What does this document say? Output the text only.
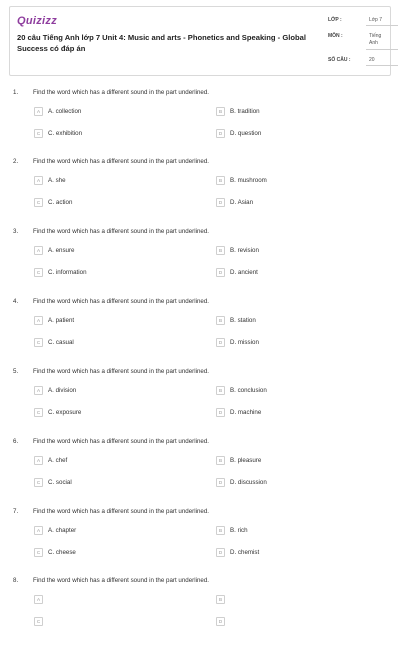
Quizizz
20 câu Tiếng Anh lớp 7 Unit 4: Music and arts - Phonetics and Speaking - Global Success có đáp án
LỚP :	Lớp 7
MÔN :	Tiếng Anh
SỐ CÂU :	20
1. Find the word which has a different sound in the part underlined.
A	A. collection	B	B. tradition
C	C. exhibition	D	D. question
2. Find the word which has a different sound in the part underlined.
A	A. she	B	B. mushroom
C	C. action	D	D. Asian
3. Find the word which has a different sound in the part underlined.
A	A. ensure	B	B. revision
C	C. information	D	D. ancient
4. Find the word which has a different sound in the part underlined.
A	A. patient	B	B. station
C	C. casual	D	D. mission
5. Find the word which has a different sound in the part underlined.
A	A. division	B	B. conclusion
C	C. exposure	D	D. machine
6. Find the word which has a different sound in the part underlined.
A	A. chef	B	B. pleasure
C	C. social	D	D. discussion
7. Find the word which has a different sound in the part underlined.
A	A. chapter	B	B. rich
C	C. cheese	D	D. chemist
8. Find the word which has a different sound in the part underlined.
A	B
C	D
